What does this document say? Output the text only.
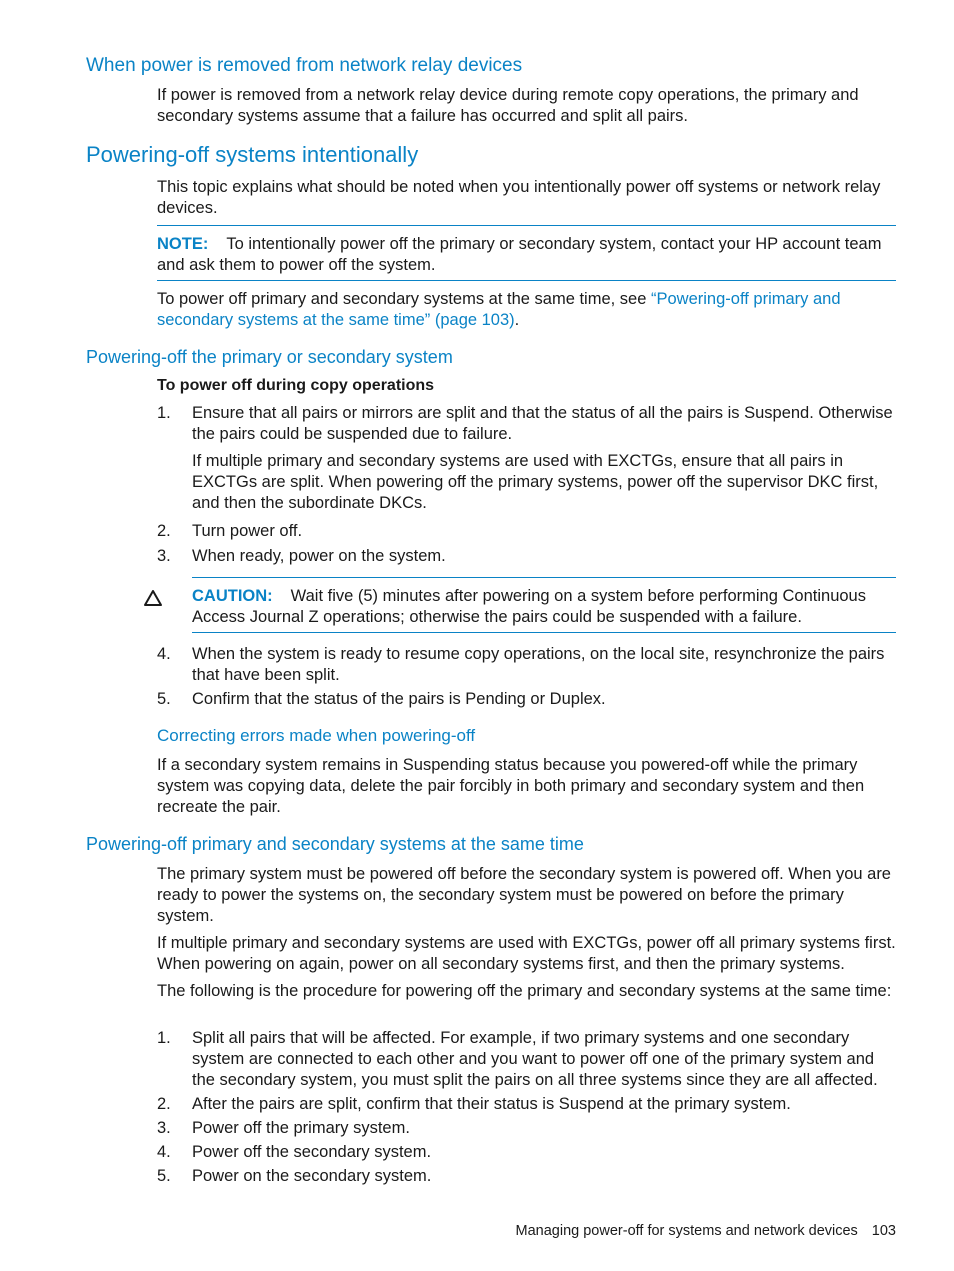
When power is removed from network relay devices

If power is removed from a network relay device during remote copy operations, the primary and secondary systems assume that a failure has occurred and split all pairs.

Powering-off systems intentionally

This topic explains what should be noted when you intentionally power off systems or network relay devices.

NOTE: To intentionally power off the primary or secondary system, contact your HP account team and ask them to power off the system.

To power off primary and secondary systems at the same time, see “Powering-off primary and secondary systems at the same time” (page 103).

Powering-off the primary or secondary system

To power off during copy operations

1.	Ensure that all pairs or mirrors are split and that the status of all the pairs is Suspend. Otherwise the pairs could be suspended due to failure.

If multiple primary and secondary systems are used with EXCTGs, ensure that all pairs in EXCTGs are split. When powering off the primary systems, power off the supervisor DKC first, and then the subordinate DKCs.

2.	Turn power off.
3.	When ready, power on the system.

CAUTION: Wait five (5) minutes after powering on a system before performing Continuous Access Journal Z operations; otherwise the pairs could be suspended with a failure.

4.	When the system is ready to resume copy operations, on the local site, resynchronize the pairs that have been split.
5.	Confirm that the status of the pairs is Pending or Duplex.
Correcting errors made when powering-off

If a secondary system remains in Suspending status because you powered-off while the primary system was copying data, delete the pair forcibly in both primary and secondary system and then recreate the pair.

Powering-off primary and secondary systems at the same time

The primary system must be powered off before the secondary system is powered off. When you are ready to power the systems on, the secondary system must be powered on before the primary system.

If multiple primary and secondary systems are used with EXCTGs, power off all primary systems first. When powering on again, power on all secondary systems first, and then the primary systems.

The following is the procedure for powering off the primary and secondary systems at the same time:

1.	Split all pairs that will be affected. For example, if two primary systems and one secondary system are connected to each other and you want to power off one of the primary system and the secondary system, you must split the pairs on all three systems since they are all affected.
2.	After the pairs are split, confirm that their status is Suspend at the primary system.
3.	Power off the primary system.
4.	Power off the secondary system.
5.	Power on the secondary system.
Managing power-off for systems and network devices 103
